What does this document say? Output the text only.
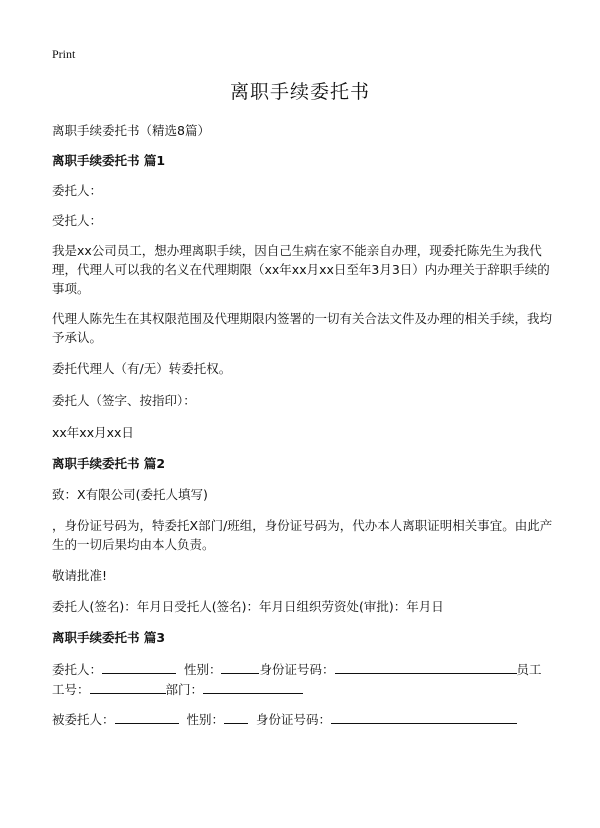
Print
离职手续委托书
离职手续委托书（精选8篇）
离职手续委托书 篇1
委托人：
受托人：
我是xx公司员工，想办理离职手续，因自己生病在家不能亲自办理，现委托陈先生为我代理，代理人可以我的名义在代理期限（xx年xx月xx日至年3月3日）内办理关于辞职手续的事项。
代理人陈先生在其权限范围及代理期限内签署的一切有关合法文件及办理的相关手续，我均予承认。
委托代理人（有/无）转委托权。
委托人（签字、按指印）：
xx年xx月xx日
离职手续委托书 篇2
致：X有限公司(委托人填写)
，身份证号码为，特委托X部门/班组，身份证号码为，代办本人离职证明相关事宜。由此产生的一切后果均由本人负责。
敬请批准!
委托人(签名)：年月日受托人(签名)：年月日组织劳资处(审批)：年月日
离职手续委托书 篇3
委托人：	性别：	身份证号码：	员工
工号：	部门：
被委托人：	性别：	身份证号码：
